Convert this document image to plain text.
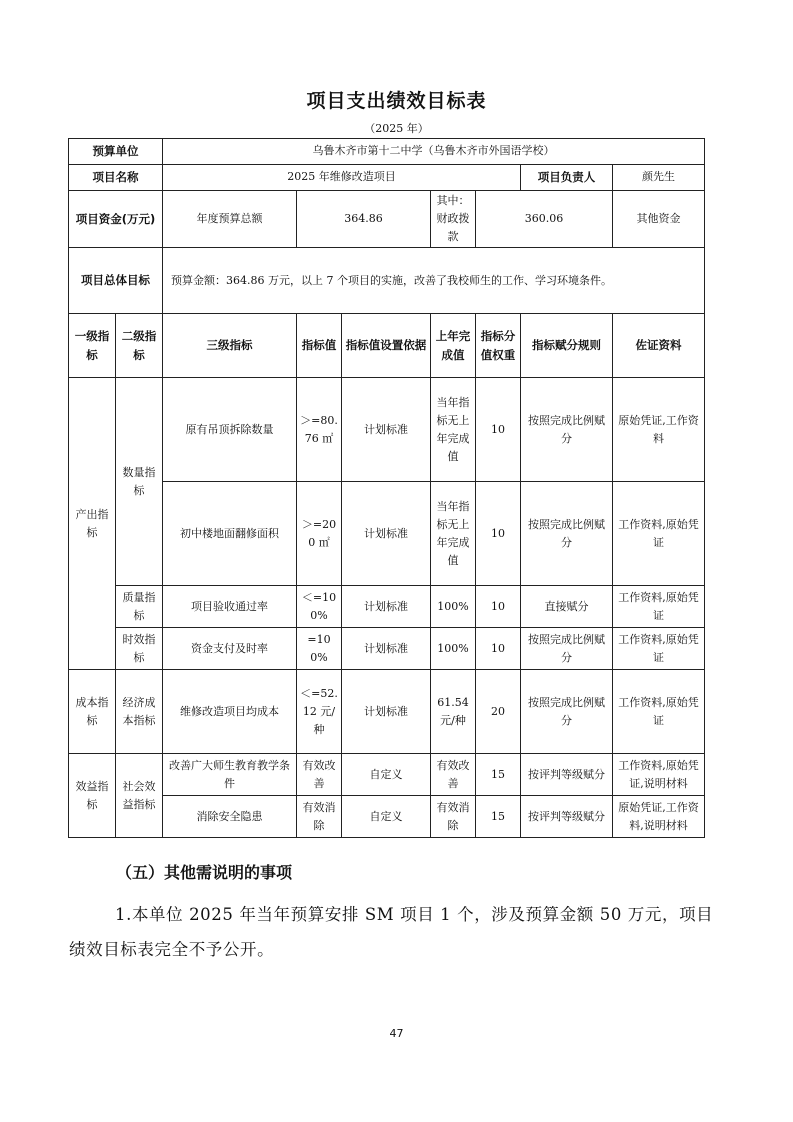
项目支出绩效目标表
（2025 年）
预算单位		乌鲁木齐市第十二中学（乌鲁木齐市外国语学校）							
项目名称		2025 年维修改造项目					项目负责人	颜先生	
项目资金(万元)		年度预算总额	364.86		其中：财政拨款	360.06		其他资金	
项目总体目标		预算金额：364.86 万元，以上 7 个项目的实施，改善了我校师生的工作、学习环境条件。							
一级指标	二级指标	三级指标	指标值	指标值设置依据	上年完成值	指标分值权重	指标赋分规则	佐证资料	
产出指标	数量指标	原有吊顶拆除数量	＞=80.76 ㎡	计划标准	当年指标无上年完成值	10	按照完成比例赋分	原始凭证,工作资料	
		初中楼地面翻修面积	＞=200 ㎡	计划标准	当年指标无上年完成值	10	按照完成比例赋分	工作资料,原始凭证	
	质量指标	项目验收通过率	＜=100%	计划标准	100%	10	直接赋分	工作资料,原始凭证	
	时效指标	资金支付及时率	=100%	计划标准	100%	10	按照完成比例赋分	工作资料,原始凭证	
成本指标	经济成本指标	维修改造项目均成本	＜=52.12 元/种	计划标准	61.54 元/种	20	按照完成比例赋分	工作资料,原始凭证	
效益指标	社会效益指标	改善广大师生教育教学条件	有效改善	自定义	有效改善	15	按评判等级赋分	工作资料,原始凭证,说明材料	
		消除安全隐患	有效消除	自定义	有效消除	15	按评判等级赋分	原始凭证,工作资料,说明材料	
（五）其他需说明的事项
1.本单位 2025 年当年预算安排 SM 项目 1 个，涉及预算金额 50 万元，项目绩效目标表完全不予公开。
47
